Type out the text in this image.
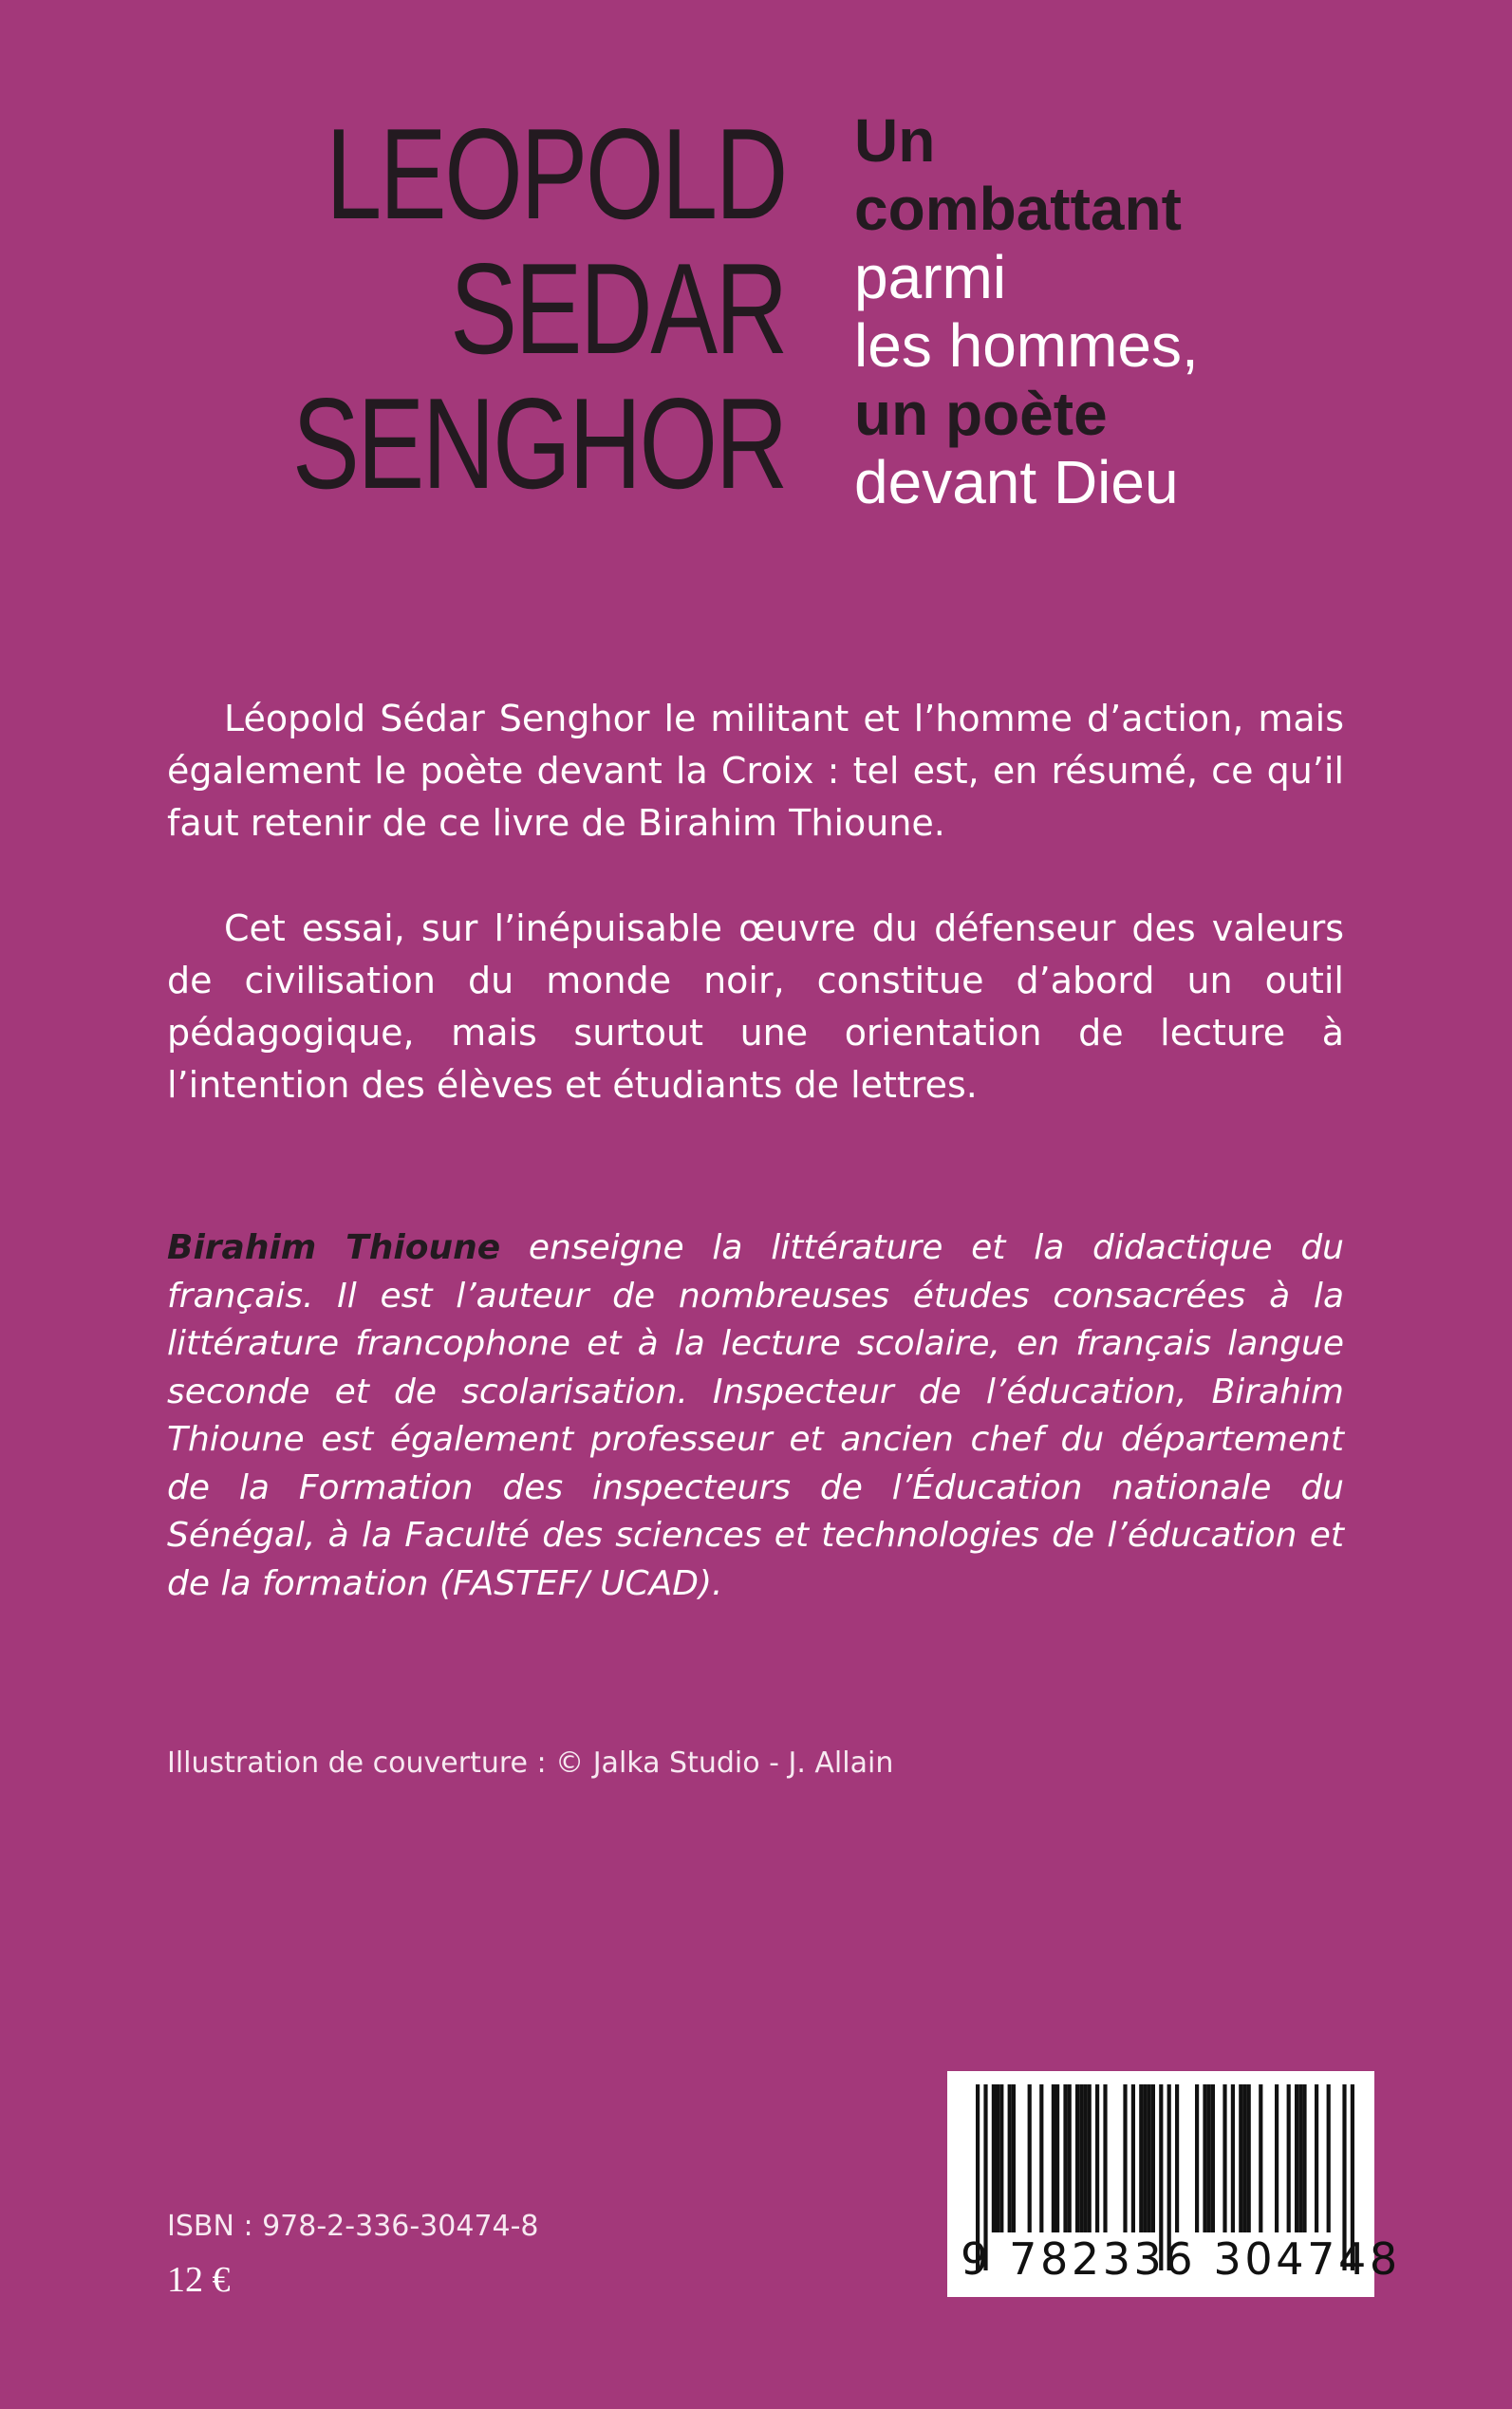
LEOPOLD
SEDAR
SENGHOR
Un
combattant
parmi
les hommes,
un poète
devant Dieu

Léopold Sédar Senghor le militant et l’homme d’action, mais également le poète devant la Croix : tel est, en résumé, ce qu’il faut retenir de ce livre de Birahim Thioune.

Cet essai, sur l’inépuisable œuvre du défenseur des valeurs de civilisation du monde noir, constitue d’abord un outil pédagogique, mais surtout une orientation de lecture à l’intention des élèves et étudiants de lettres.

Birahim Thioune enseigne la littérature et la didactique du français. Il est l’auteur de nombreuses études consacrées à la littérature francophone et à la lecture scolaire, en français langue seconde et de scolarisation. Inspecteur de l’éducation, Birahim Thioune est également professeur et ancien chef du département de la Formation des inspecteurs de l’Éducation nationale du Sénégal, à la Faculté des sciences et technologies de l’éducation et de la formation (FASTEF/ UCAD).

Illustration de couverture : © Jalka Studio - J. Allain
ISBN : 978-2-336-30474-8
12 €	9 782336 304748
